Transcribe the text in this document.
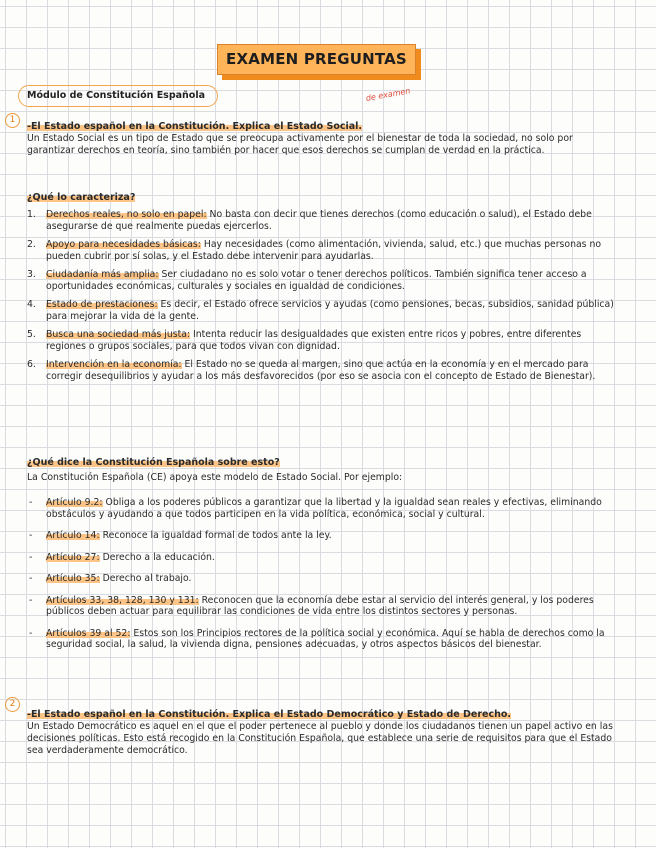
EXAMEN PREGUNTAS
Módulo de Constitución Española	de examen
1
-El Estado español en la Constitución. Explica el Estado Social.
Un Estado Social es un tipo de Estado que se preocupa activamente por el bienestar de toda la sociedad, no solo por garantizar derechos en teoría, sino también por hacer que esos derechos se cumplan de verdad en la práctica.
¿Qué lo caracteriza?
1. Derechos reales, no solo en papel: No basta con decir que tienes derechos (como educación o salud), el Estado debe asegurarse de que realmente puedas ejercerlos.
2. Apoyo para necesidades básicas: Hay necesidades (como alimentación, vivienda, salud, etc.) que muchas personas no pueden cubrir por sí solas, y el Estado debe intervenir para ayudarlas.
3. Ciudadanía más amplia: Ser ciudadano no es solo votar o tener derechos políticos. También significa tener acceso a oportunidades económicas, culturales y sociales en igualdad de condiciones.
4. Estado de prestaciones: Es decir, el Estado ofrece servicios y ayudas (como pensiones, becas, subsidios, sanidad pública) para mejorar la vida de la gente.
5. Busca una sociedad más justa: Intenta reducir las desigualdades que existen entre ricos y pobres, entre diferentes regiones o grupos sociales, para que todos vivan con dignidad.
6. Intervención en la economía: El Estado no se queda al margen, sino que actúa en la economía y en el mercado para corregir desequilibrios y ayudar a los más desfavorecidos (por eso se asocia con el concepto de Estado de Bienestar).
¿Qué dice la Constitución Española sobre esto?
La Constitución Española (CE) apoya este modelo de Estado Social. Por ejemplo:
- Artículo 9.2: Obliga a los poderes públicos a garantizar que la libertad y la igualdad sean reales y efectivas, eliminando obstáculos y ayudando a que todos participen en la vida política, económica, social y cultural.
- Artículo 14: Reconoce la igualdad formal de todos ante la ley.
- Artículo 27: Derecho a la educación.
- Artículo 35: Derecho al trabajo.
- Artículos 33, 38, 128, 130 y 131: Reconocen que la economía debe estar al servicio del interés general, y los poderes públicos deben actuar para equilibrar las condiciones de vida entre los distintos sectores y personas.
- Artículos 39 al 52: Estos son los Principios rectores de la política social y económica. Aquí se habla de derechos como la seguridad social, la salud, la vivienda digna, pensiones adecuadas, y otros aspectos básicos del bienestar.
2
-El Estado español en la Constitución. Explica el Estado Democrático y Estado de Derecho.
Un Estado Democrático es aquel en el que el poder pertenece al pueblo y donde los ciudadanos tienen un papel activo en las decisiones políticas. Esto está recogido en la Constitución Española, que establece una serie de requisitos para que el Estado sea verdaderamente democrático.
